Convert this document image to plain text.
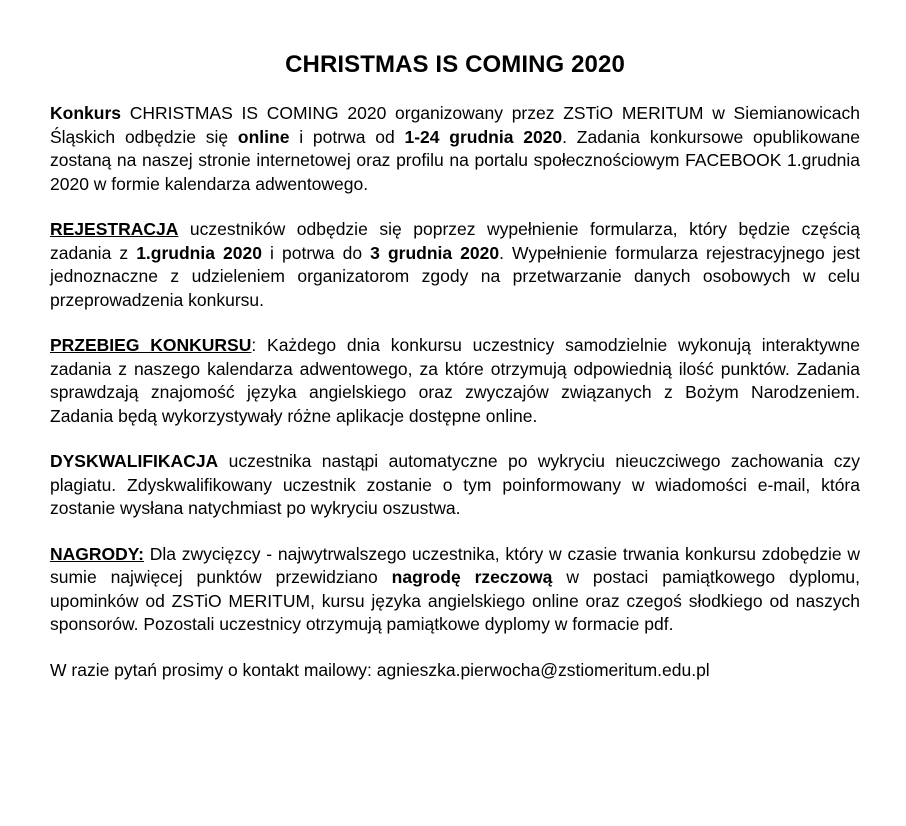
CHRISTMAS IS COMING 2020

Konkurs CHRISTMAS IS COMING 2020 organizowany przez ZSTiO MERITUM w Siemianowicach Śląskich odbędzie się online i potrwa od 1-24 grudnia 2020. Zadania konkursowe opublikowane zostaną na naszej stronie internetowej oraz profilu na portalu społecznościowym FACEBOOK 1.grudnia 2020 w formie kalendarza adwentowego.

REJESTRACJA uczestników odbędzie się poprzez wypełnienie formularza, który będzie częścią zadania z 1.grudnia 2020 i potrwa do 3 grudnia 2020. Wypełnienie formularza rejestracyjnego jest jednoznaczne z udzieleniem organizatorom zgody na przetwarzanie danych osobowych w celu przeprowadzenia konkursu.

PRZEBIEG KONKURSU: Każdego dnia konkursu uczestnicy samodzielnie wykonują interaktywne zadania z naszego kalendarza adwentowego, za które otrzymują odpowiednią ilość punktów. Zadania sprawdzają znajomość języka angielskiego oraz zwyczajów związanych z Bożym Narodzeniem. Zadania będą wykorzystywały różne aplikacje dostępne online.

DYSKWALIFIKACJA uczestnika nastąpi automatyczne po wykryciu nieuczciwego zachowania czy plagiatu. Zdyskwalifikowany uczestnik zostanie o tym poinformowany w wiadomości e-mail, która zostanie wysłana natychmiast po wykryciu oszustwa.

NAGRODY: Dla zwycięzcy - najwytrwalszego uczestnika, który w czasie trwania konkursu zdobędzie w sumie najwięcej punktów przewidziano nagrodę rzeczową w postaci pamiątkowego dyplomu, upominków od ZSTiO MERITUM, kursu języka angielskiego online oraz czegoś słodkiego od naszych sponsorów. Pozostali uczestnicy otrzymują pamiątkowe dyplomy w formacie pdf.

W razie pytań prosimy o kontakt mailowy: agnieszka.pierwocha@zstiomeritum.edu.pl
